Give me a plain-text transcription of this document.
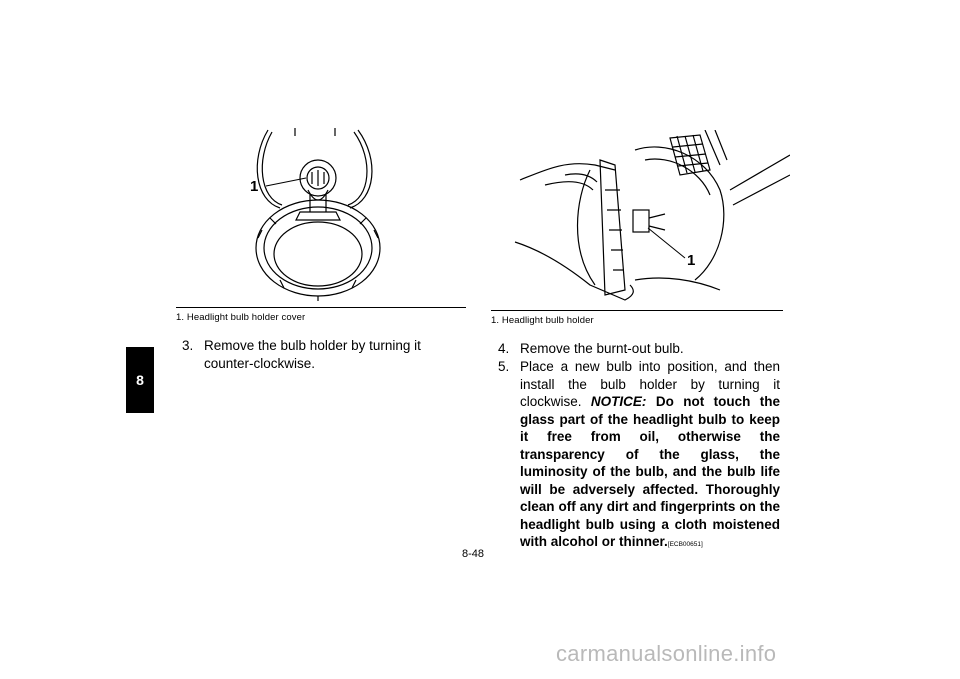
8
1
1
1. Headlight bulb holder cover	1. Headlight bulb holder
3. Remove the bulb holder by turning it counter-clockwise.
4. Remove the burnt-out bulb.
5. Place a new bulb into position, and then install the bulb holder by turning it clockwise. NOTICE: Do not touch the glass part of the headlight bulb to keep it free from oil, otherwise the transparency of the glass, the luminosity of the bulb, and the bulb life will be adversely affected. Thoroughly clean off any dirt and fingerprints on the headlight bulb using a cloth moistened with alcohol or thinner.[ECB00651]
8-48
carmanualsonline.info
